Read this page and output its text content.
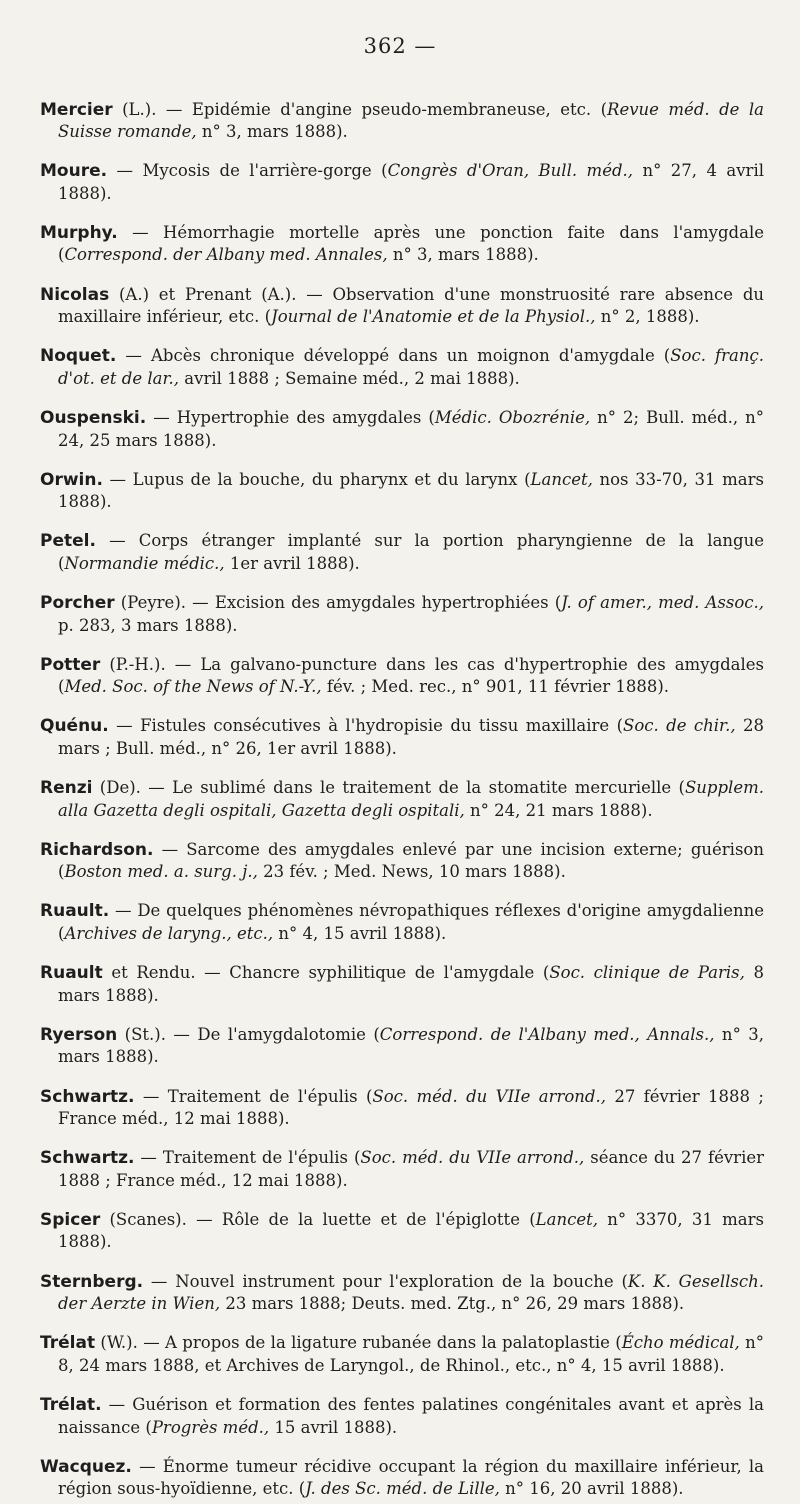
362 —

Mercier (L.). — Epidémie d'angine pseudo-membraneuse, etc. (Revue méd. de la Suisse romande, n° 3, mars 1888).

Moure. — Mycosis de l'arrière-gorge (Congrès d'Oran, Bull. méd., n° 27, 4 avril 1888).

Murphy. — Hémorrhagie mortelle après une ponction faite dans l'amygdale (Correspond. der Albany med. Annales, n° 3, mars 1888).

Nicolas (A.) et Prenant (A.). — Observation d'une monstruosité rare absence du maxillaire inférieur, etc. (Journal de l'Anatomie et de la Physiol., n° 2, 1888).

Noquet. — Abcès chronique développé dans un moignon d'amygdale (Soc. franç. d'ot. et de lar., avril 1888 ; Semaine méd., 2 mai 1888).

Ouspenski. — Hypertrophie des amygdales (Médic. Obozrénie, n° 2; Bull. méd., n° 24, 25 mars 1888).

Orwin. — Lupus de la bouche, du pharynx et du larynx (Lancet, nos 33-70, 31 mars 1888).

Petel. — Corps étranger implanté sur la portion pharyngienne de la langue (Normandie médic., 1er avril 1888).

Porcher (Peyre). — Excision des amygdales hypertrophiées (J. of amer., med. Assoc., p. 283, 3 mars 1888).

Potter (P.-H.). — La galvano-puncture dans les cas d'hypertrophie des amygdales (Med. Soc. of the News of N.-Y., fév. ; Med. rec., n° 901, 11 février 1888).

Quénu. — Fistules consécutives à l'hydropisie du tissu maxillaire (Soc. de chir., 28 mars ; Bull. méd., n° 26, 1er avril 1888).

Renzi (De). — Le sublimé dans le traitement de la stomatite mercurielle (Supplem. alla Gazetta degli ospitali, Gazetta degli ospitali, n° 24, 21 mars 1888).

Richardson. — Sarcome des amygdales enlevé par une incision externe; guérison (Boston med. a. surg. j., 23 fév. ; Med. News, 10 mars 1888).

Ruault. — De quelques phénomènes névropathiques réflexes d'origine amygdalienne (Archives de laryng., etc., n° 4, 15 avril 1888).

Ruault et Rendu. — Chancre syphilitique de l'amygdale (Soc. clinique de Paris, 8 mars 1888).

Ryerson (St.). — De l'amygdalotomie (Correspond. de l'Albany med., Annals., n° 3, mars 1888).

Schwartz. — Traitement de l'épulis (Soc. méd. du VIIe arrond., 27 février 1888 ; France méd., 12 mai 1888).

Schwartz. — Traitement de l'épulis (Soc. méd. du VIIe arrond., séance du 27 février 1888 ; France méd., 12 mai 1888).

Spicer (Scanes). — Rôle de la luette et de l'épiglotte (Lancet, n° 3370, 31 mars 1888).

Sternberg. — Nouvel instrument pour l'exploration de la bouche (K. K. Gesellsch. der Aerzte in Wien, 23 mars 1888; Deuts. med. Ztg., n° 26, 29 mars 1888).

Trélat (W.). — A propos de la ligature rubanée dans la palatoplastie (Écho médical, n° 8, 24 mars 1888, et Archives de Laryngol., de Rhinol., etc., n° 4, 15 avril 1888).

Trélat. — Guérison et formation des fentes palatines congénitales avant et après la naissance (Progrès méd., 15 avril 1888).

Wacquez. — Énorme tumeur récidive occupant la région du maxillaire inférieur, la région sous-hyoïdienne, etc. (J. des Sc. méd. de Lille, n° 16, 20 avril 1888).
